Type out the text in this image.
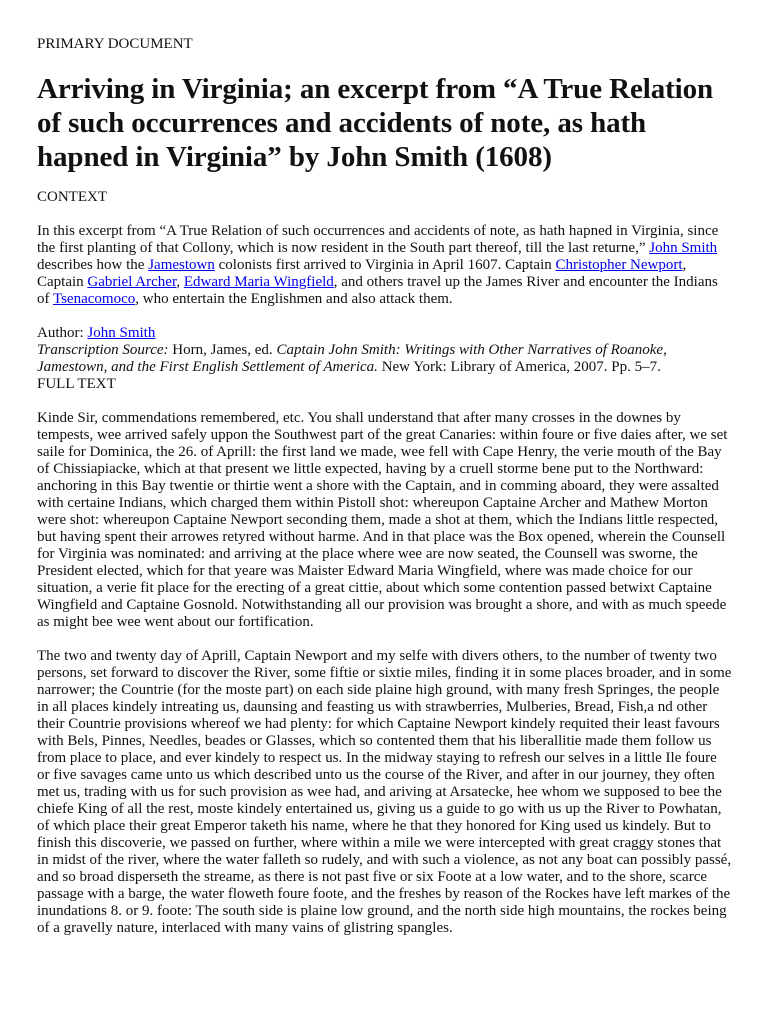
PRIMARY DOCUMENT

Arriving in Virginia; an excerpt from “A True Relation of such occurrences and accidents of note, as hath hapned in Virginia” by John Smith (1608)

CONTEXT

In this excerpt from “A True Relation of such occurrences and accidents of note, as hath hapned in Virginia, since the first planting of that Collony, which is now resident in the South part thereof, till the last returne,” John Smith describes how the Jamestown colonists first arrived to Virginia in April 1607. Captain Christopher Newport, Captain Gabriel Archer, Edward Maria Wingfield, and others travel up the James River and encounter the Indians of Tsenacomoco, who entertain the Englishmen and also attack them.

Author: John Smith

Transcription Source: Horn, James, ed. Captain John Smith: Writings with Other Narratives of Roanoke, Jamestown, and the First English Settlement of America. New York: Library of America, 2007. Pp. 5–7.

FULL TEXT

Kinde Sir, commendations remembered, etc. You shall understand that after many crosses in the downes by tempests, wee arrived safely uppon the Southwest part of the great Canaries: within foure or five daies after, we set saile for Dominica, the 26. of Aprill: the first land we made, wee fell with Cape Henry, the verie mouth of the Bay of Chissiapiacke, which at that present we little expected, having by a cruell storme bene put to the Northward: anchoring in this Bay twentie or thirtie went a shore with the Captain, and in comming aboard, they were assalted with certaine Indians, which charged them within Pistoll shot: whereupon Captaine Archer and Mathew Morton were shot: whereupon Captaine Newport seconding them, made a shot at them, which the Indians little respected, but having spent their arrowes retyred without harme. And in that place was the Box opened, wherein the Counsell for Virginia was nominated: and arriving at the place where wee are now seated, the Counsell was sworne, the President elected, which for that yeare was Maister Edward Maria Wingfield, where was made choice for our situation, a verie fit place for the erecting of a great cittie, about which some contention passed betwixt Captaine Wingfield and Captaine Gosnold. Notwithstanding all our provision was brought a shore, and with as much speede as might bee wee went about our fortification.

The two and twenty day of Aprill, Captain Newport and my selfe with divers others, to the number of twenty two persons, set forward to discover the River, some fiftie or sixtie miles, finding it in some places broader, and in some narrower; the Countrie (for the moste part) on each side plaine high ground, with many fresh Springes, the people in all places kindely intreating us, daunsing and feasting us with strawberries, Mulberies, Bread, Fish,a nd other their Countrie provisions whereof we had plenty: for which Captaine Newport kindely requited their least favours with Bels, Pinnes, Needles, beades or Glasses, which so contented them that his liberallitie made them follow us from place to place, and ever kindely to respect us. In the midway staying to refresh our selves in a little Ile foure or five savages came unto us which described unto us the course of the River, and after in our journey, they often met us, trading with us for such provision as wee had, and ariving at Arsatecke, hee whom we supposed to bee the chiefe King of all the rest, moste kindely entertained us, giving us a guide to go with us up the River to Powhatan, of which place their great Emperor taketh his name, where he that they honored for King used us kindely. But to finish this discoverie, we passed on further, where within a mile we were intercepted with great craggy stones that in midst of the river, where the water falleth so rudely, and with such a violence, as not any boat can possibly passé, and so broad disperseth the streame, as there is not past five or six Foote at a low water, and to the shore, scarce passage with a barge, the water floweth foure foote, and the freshes by reason of the Rockes have left markes of the inundations 8. or 9. foote: The south side is plaine low ground, and the north side high mountains, the rockes being of a gravelly nature, interlaced with many vains of glistring spangles.
